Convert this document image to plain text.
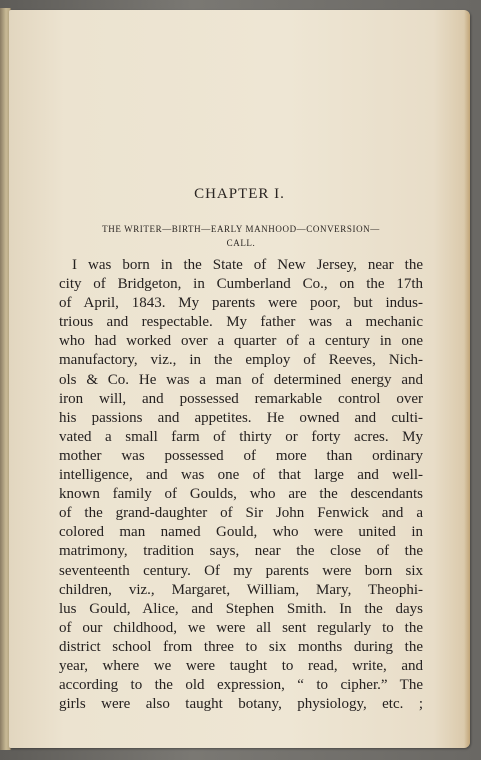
CHAPTER I.
THE WRITER—BIRTH—EARLY MANHOOD—CONVERSION—
CALL.
I was born in the State of New Jersey, near the
city of Bridgeton, in Cumberland Co., on the 17th
of April, 1843. My parents were poor, but indus-
trious and respectable. My father was a mechanic
who had worked over a quarter of a century in one
manufactory, viz., in the employ of Reeves, Nich-
ols & Co. He was a man of determined energy and
iron will, and possessed remarkable control over
his passions and appetites. He owned and culti-
vated a small farm of thirty or forty acres. My
mother was possessed of more than ordinary
intelligence, and was one of that large and well-
known family of Goulds, who are the descendants
of the grand-daughter of Sir John Fenwick and a
colored man named Gould, who were united in
matrimony, tradition says, near the close of the
seventeenth century. Of my parents were born six
children, viz., Margaret, William, Mary, Theophi-
lus Gould, Alice, and Stephen Smith. In the days
of our childhood, we were all sent regularly to the
district school from three to six months during the
year, where we were taught to read, write, and
according to the old expression, “ to cipher.” The
girls were also taught botany, physiology, etc. ;
